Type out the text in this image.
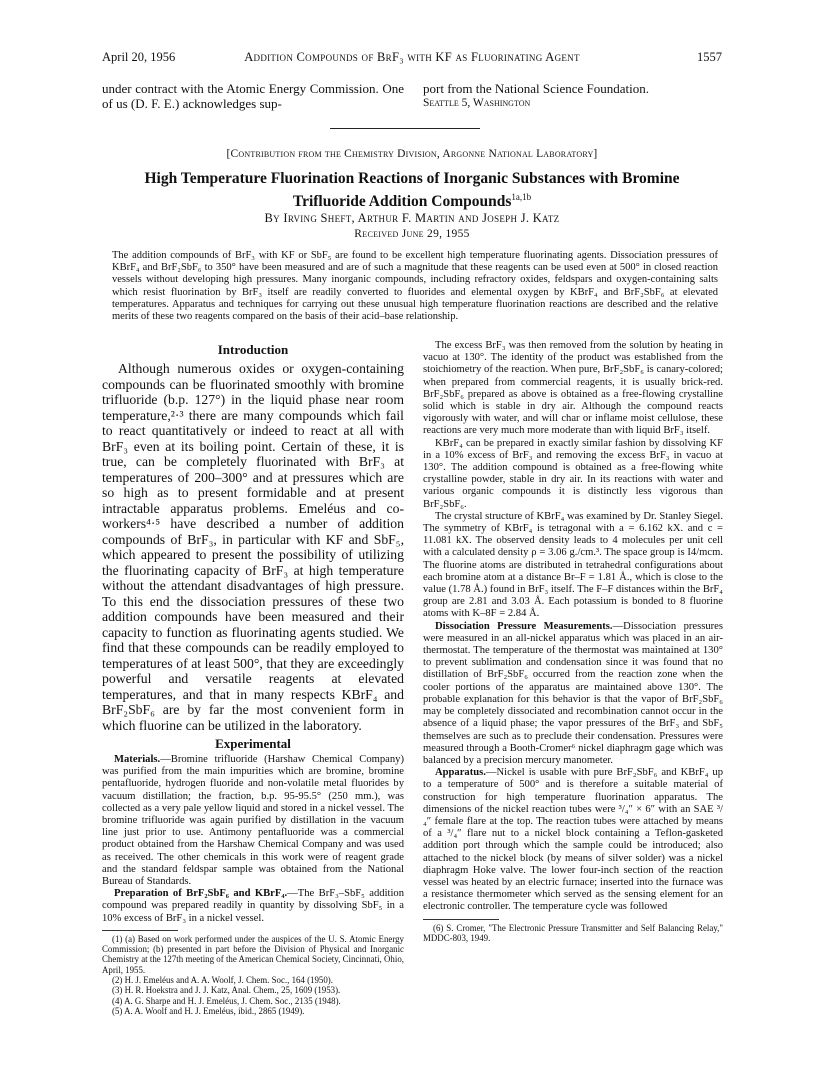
April 20, 1956	Addition Compounds of BrF₃ with KF as Fluorinating Agent	1557
under contract with the Atomic Energy Commission. One of us (D. F. E.) acknowledges sup-
port from the National Science Foundation.
Seattle 5, Washington
[Contribution from the Chemistry Division, Argonne National Laboratory]
High Temperature Fluorination Reactions of Inorganic Substances with Bromine
Trifluoride Addition Compounds$^{1a,1b}$
By Irving Sheft, Arthur F. Martin and Joseph J. Katz
Received June 29, 1955
The addition compounds of BrF₃ with KF or SbF₅ are found to be excellent high temperature fluorinating agents. Dissociation pressures of KBrF₄ and BrF₂SbF₆ to 350° have been measured and are of such a magnitude that these reagents can be used even at 500° in closed reaction vessels without developing high pressures. Many inorganic compounds, including refractory oxides, feldspars and oxygen-containing salts which resist fluorination by BrF₃ itself are readily converted to fluorides and elemental oxygen by KBrF₄ and BrF₂SbF₆ at elevated temperatures. Apparatus and techniques for carrying out these unusual high temperature fluorination reactions are described and the relative merits of these two reagents compared on the basis of their acid–base relationship.
Introduction

Although numerous oxides or oxygen-containing compounds can be fluorinated smoothly with bromine trifluoride (b.p. 127°) in the liquid phase near room temperature,²·³ there are many compounds which fail to react quantitatively or indeed to react at all with BrF₃ even at its boiling point. Certain of these, it is true, can be completely fluorinated with BrF₃ at temperatures of 200–300° and at pressures which are so high as to present formidable and at present intractable apparatus problems. Emeléus and co-workers⁴·⁵ have described a number of addition compounds of BrF₃, in particular with KF and SbF₅, which appeared to present the possibility of utilizing the fluorinating capacity of BrF₃ at high temperature without the attendant disadvantages of high pressure. To this end the dissociation pressures of these two addition compounds have been measured and their capacity to function as fluorinating agents studied. We find that these compounds can be readily employed to temperatures of at least 500°, that they are exceedingly powerful and versatile reagents at elevated temperatures, and that in many respects KBrF₄ and BrF₂SbF₆ are by far the most convenient form in which fluorine can be utilized in the laboratory.

Experimental

Materials.—Bromine trifluoride (Harshaw Chemical Company) was purified from the main impurities which are bromine, bromine pentafluoride, hydrogen fluoride and non-volatile metal fluorides by vacuum distillation; the fraction, b.p. 95-95.5° (250 mm.), was collected as a very pale yellow liquid and stored in a nickel vessel. The bromine trifluoride was again purified by distillation in the vacuum line just prior to use. Antimony pentafluoride was a commercial product obtained from the Harshaw Chemical Company and was used as received. The other chemicals in this work were of reagent grade and the standard feldspar sample was obtained from the National Bureau of Standards.

Preparation of BrF₂SbF₆ and KBrF₄.—The BrF₃–SbF₅ addition compound was prepared readily in quantity by dissolving SbF₅ in a 10% excess of BrF₃ in a nickel vessel.

(1) (a) Based on work performed under the auspices of the U. S. Atomic Energy Commission; (b) presented in part before the Division of Physical and Inorganic Chemistry at the 127th meeting of the American Chemical Society, Cincinnati, Ohio, April, 1955.

(2) H. J. Emeléus and A. A. Woolf, J. Chem. Soc., 164 (1950).

(3) H. R. Hoekstra and J. J. Katz, Anal. Chem., 25, 1609 (1953).

(4) A. G. Sharpe and H. J. Emeléus, J. Chem. Soc., 2135 (1948).

(5) A. A. Woolf and H. J. Emeléus, ibid., 2865 (1949).

The excess BrF₃ was then removed from the solution by heating in vacuo at 130°. The identity of the product was established from the stoichiometry of the reaction. When pure, BrF₂SbF₆ is canary-colored; when prepared from commercial reagents, it is usually brick-red. BrF₂SbF₆ prepared as above is obtained as a free-flowing crystalline solid which is stable in dry air. Although the compound reacts vigorously with water, and will char or inflame moist cellulose, these reactions are very much more moderate than with liquid BrF₃ itself.

KBrF₄ can be prepared in exactly similar fashion by dissolving KF in a 10% excess of BrF₃ and removing the excess BrF₃ in vacuo at 130°. The addition compound is obtained as a free-flowing white crystalline powder, stable in dry air. In its reactions with water and various organic compounds it is distinctly less vigorous than BrF₂SbF₆.

The crystal structure of KBrF₄ was examined by Dr. Stanley Siegel. The symmetry of KBrF₄ is tetragonal with a = 6.162 kX. and c = 11.081 kX. The observed density leads to 4 molecules per unit cell with a calculated density ρ = 3.06 g./cm.³. The space group is I4/mcm. The fluorine atoms are distributed in tetrahedral configurations about each bromine atom at a distance Br–F = 1.81 Å., which is close to the value (1.78 Å.) found in BrF₃ itself. The F–F distances within the BrF₄ group are 2.81 and 3.03 Å. Each potassium is bonded to 8 fluorine atoms with K–8F = 2.84 Å.

Dissociation Pressure Measurements.—Dissociation pressures were measured in an all-nickel apparatus which was placed in an air-thermostat. The temperature of the thermostat was maintained at 130° to prevent sublimation and condensation since it was found that no distillation of BrF₂SbF₆ occurred from the reaction zone when the cooler portions of the apparatus are maintained above 130°. The probable explanation for this behavior is that the vapor of BrF₂SbF₆ may be completely dissociated and recombination cannot occur in the absence of a liquid phase; the vapor pressures of the BrF₃ and SbF₅ themselves are such as to preclude their condensation. Pressures were measured through a Booth-Cromer⁶ nickel diaphragm gage which was balanced by a precision mercury manometer.

Apparatus.—Nickel is usable with pure BrF₂SbF₆ and KBrF₄ up to a temperature of 500° and is therefore a suitable material of construction for high temperature fluorination apparatus. The dimensions of the nickel reaction tubes were ³/₄″ × 6″ with an SAE ³/₄″ female flare at the top. The reaction tubes were attached by means of a ³/₄″ flare nut to a nickel block containing a Teflon-gasketed addition port through which the sample could be introduced; also attached to the nickel block (by means of silver solder) was a nickel diaphragm Hoke valve. The lower four-inch section of the reaction vessel was heated by an electric furnace; inserted into the furnace was a resistance thermometer which served as the sensing element for an electronic controller. The temperature cycle was followed

(6) S. Cromer, "The Electronic Pressure Transmitter and Self Balancing Relay," MDDC-803, 1949.
